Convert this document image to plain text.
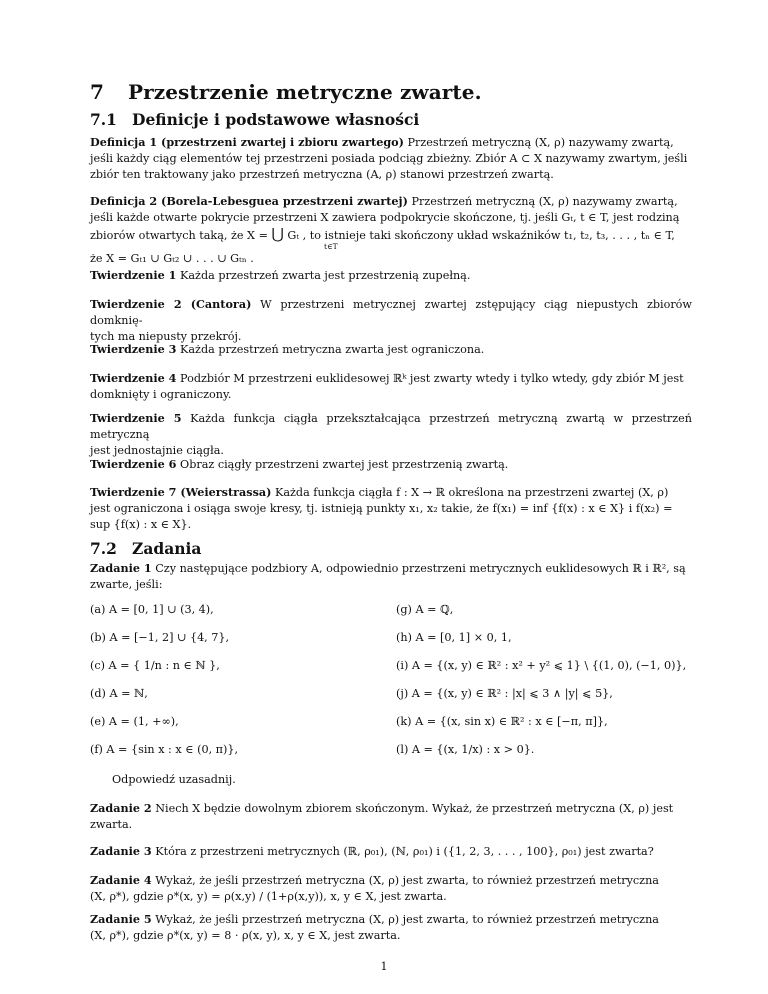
7 Przestrzenie metryczne zwarte.
7.1 Definicje i podstawowe własności
Definicja 1 (przestrzeni zwartej i zbioru zwartego) Przestrzeń metryczną (X, ρ) nazywamy zwartą,
jeśli każdy ciąg elementów tej przestrzeni posiada podciąg zbieżny. Zbiór A ⊂ X nazywamy zwartym, jeśli
zbiór ten traktowany jako przestrzeń metryczna (A, ρ) stanowi przestrzeń zwartą.
Definicja 2 (Borela-Lebesguea przestrzeni zwartej) Przestrzeń metryczną (X, ρ) nazywamy zwartą,
jeśli każde otwarte pokrycie przestrzeni X zawiera podpokrycie skończone, tj. jeśli Gₜ, t ∈ T, jest rodziną
zbiorów otwartych taką, że X = ⋃ Gₜ , to istnieje taki skończony układ wskaźników t₁, t₂, t₃, . . . , tₙ ∈ T,
t∈T
że X = Gₜ₁ ∪ Gₜ₂ ∪ . . . ∪ Gₜₙ .
Twierdzenie 1 Każda przestrzeń zwarta jest przestrzenią zupełną.
Twierdzenie 2 (Cantora) W przestrzeni metrycznej zwartej zstępujący ciąg niepustych zbiorów domknię-
tych ma niepusty przekrój.
Twierdzenie 3 Każda przestrzeń metryczna zwarta jest ograniczona.
Twierdzenie 4 Podzbiór M przestrzeni euklidesowej ℝᵏ jest zwarty wtedy i tylko wtedy, gdy zbiór M jest
domknięty i ograniczony.
Twierdzenie 5 Każda funkcja ciągła przekształcająca przestrzeń metryczną zwartą w przestrzeń metryczną
jest jednostajnie ciągła.
Twierdzenie 6 Obraz ciągły przestrzeni zwartej jest przestrzenią zwartą.
Twierdzenie 7 (Weierstrassa) Każda funkcja ciągła f : X → ℝ określona na przestrzeni zwartej (X, ρ)
jest ograniczona i osiąga swoje kresy, tj. istnieją punkty x₁, x₂ takie, że f(x₁) = inf {f(x) : x ∈ X} i f(x₂) =
sup {f(x) : x ∈ X}.
7.2 Zadania
Zadanie 1 Czy następujące podzbiory A, odpowiednio przestrzeni metrycznych euklidesowych ℝ i ℝ², są
zwarte, jeśli:
(a) A = [0, 1] ∪ (3, 4),
(b) A = [−1, 2] ∪ {4, 7},
(c) A = { 1/n : n ∈ ℕ },
(d) A = ℕ,
(e) A = (1, +∞),
(f) A = {sin x : x ∈ (0, π)},
(g) A = ℚ,
(h) A = [0, 1] × 0, 1,
(i) A = {(x, y) ∈ ℝ² : x² + y² ⩽ 1} \ {(1, 0), (−1, 0)},
(j) A = {(x, y) ∈ ℝ² : |x| ⩽ 3 ∧ |y| ⩽ 5},
(k) A = {(x, sin x) ∈ ℝ² : x ∈ [−π, π]},
(l) A = {(x, 1/x) : x > 0}.
Odpowiedź uzasadnij.
Zadanie 2 Niech X będzie dowolnym zbiorem skończonym. Wykaż, że przestrzeń metryczna (X, ρ) jest
zwarta.
Zadanie 3 Która z przestrzeni metrycznych (ℝ, ρ₀₁), (ℕ, ρ₀₁) i ({1, 2, 3, . . . , 100}, ρ₀₁) jest zwarta?
Zadanie 4 Wykaż, że jeśli przestrzeń metryczna (X, ρ) jest zwarta, to również przestrzeń metryczna
(X, ρ*), gdzie ρ*(x, y) = ρ(x,y) / (1+ρ(x,y)), x, y ∈ X, jest zwarta.
Zadanie 5 Wykaż, że jeśli przestrzeń metryczna (X, ρ) jest zwarta, to również przestrzeń metryczna
(X, ρ*), gdzie ρ*(x, y) = 8 · ρ(x, y), x, y ∈ X, jest zwarta.
1
